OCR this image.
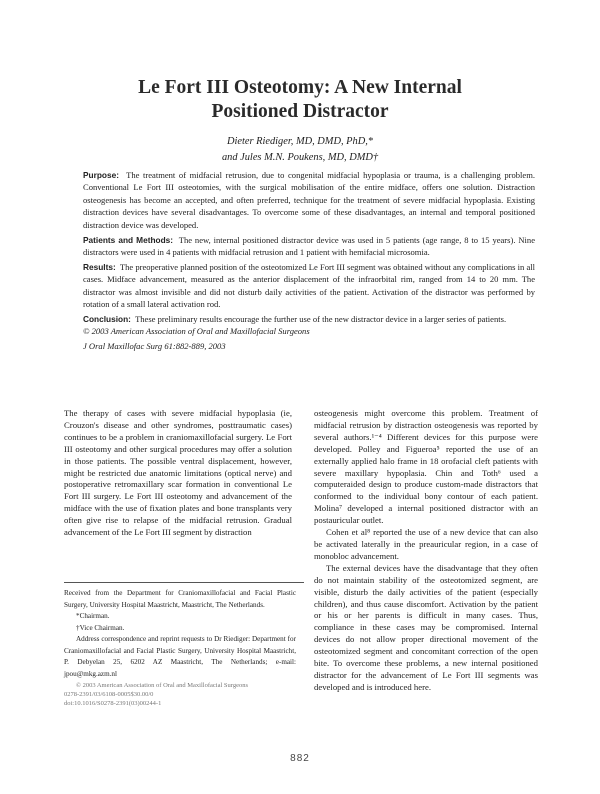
Le Fort III Osteotomy: A New Internal
Positioned Distractor
Dieter Riediger, MD, DMD, PhD,*
and Jules M.N. Poukens, MD, DMD†

Purpose: The treatment of midfacial retrusion, due to congenital midfacial hypoplasia or trauma, is a challenging problem. Conventional Le Fort III osteotomies, with the surgical mobilisation of the entire midface, offers one solution. Distraction osteogenesis has become an accepted, and often preferred, technique for the treatment of severe midfacial hypoplasia. Existing distraction devices have several disadvantages. To overcome some of these disadvantages, an internal and temporal positioned distraction device was developed.

Patients and Methods: The new, internal positioned distractor device was used in 5 patients (age range, 8 to 15 years). Nine distractors were used in 4 patients with midfacial retrusion and 1 patient with hemifacial microsomia.

Results: The preoperative planned position of the osteotomized Le Fort III segment was obtained without any complications in all cases. Midface advancement, measured as the anterior displacement of the infraorbital rim, ranged from 14 to 20 mm. The distractor was almost invisible and did not disturb daily activities of the patient. Activation of the distractor was performed by rotation of a small lateral activation rod.

Conclusion: These preliminary results encourage the further use of the new distractor device in a larger series of patients.

© 2003 American Association of Oral and Maxillofacial Surgeons

J Oral Maxillofac Surg 61:882-889, 2003

The therapy of cases with severe midfacial hypoplasia (ie, Crouzon's disease and other syndromes, posttraumatic cases) continues to be a problem in craniomaxillofacial surgery. Le Fort III osteotomy and other surgical procedures may offer a solution in those patients. The possible ventral displacement, however, might be restricted due anatomic limitations (optical nerve) and postoperative retromaxillary scar formation in conventional Le Fort III surgery. Le Fort III osteotomy and advancement of the midface with the use of fixation plates and bone transplants very often give rise to relapse of the midfacial retrusion. Gradual advancement of the Le Fort III segment by distraction

Received from the Department for Craniomaxillofacial and Facial Plastic Surgery, University Hospital Maastricht, Maastricht, The Netherlands.

*Chairman.

†Vice Chairman.

Address correspondence and reprint requests to Dr Riediger: Department for Craniomaxillofacial and Facial Plastic Surgery, University Hospital Maastricht, P. Debyelan 25, 6202 AZ Maastricht, The Netherlands; e-mail: jpou@mkg.azm.nl

© 2003 American Association of Oral and Maxillofacial Surgeons

0278-2391/03/6108-0005$30.00/0

doi:10.1016/S0278-2391(03)00244-1

osteogenesis might overcome this problem. Treatment of midfacial retrusion by distraction osteogenesis was reported by several authors.¹⁻⁴ Different devices for this purpose were developed. Polley and Figueroa⁵ reported the use of an externally applied halo frame in 18 orofacial cleft patients with severe maxillary hypoplasia. Chin and Toth⁶ used a computeraided design to produce custom-made distractors that conformed to the individual bony contour of each patient. Molina⁷ developed a internal positioned distractor with an postauricular outlet.

Cohen et al⁸ reported the use of a new device that can also be activated laterally in the preauricular region, in a case of monobloc advancement.

The external devices have the disadvantage that they often do not maintain stability of the osteotomized segment, are visible, disturb the daily activities of the patient (especially children), and thus cause discomfort. Activation by the patient or his or her parents is difficult in many cases. Thus, compliance in these cases may be compromised. Internal devices do not allow proper directional movement of the osteotomized segment and concomitant correction of the open bite. To overcome these problems, a new internal positioned distractor for the advancement of Le Fort III segments was developed and is introduced here.

882
